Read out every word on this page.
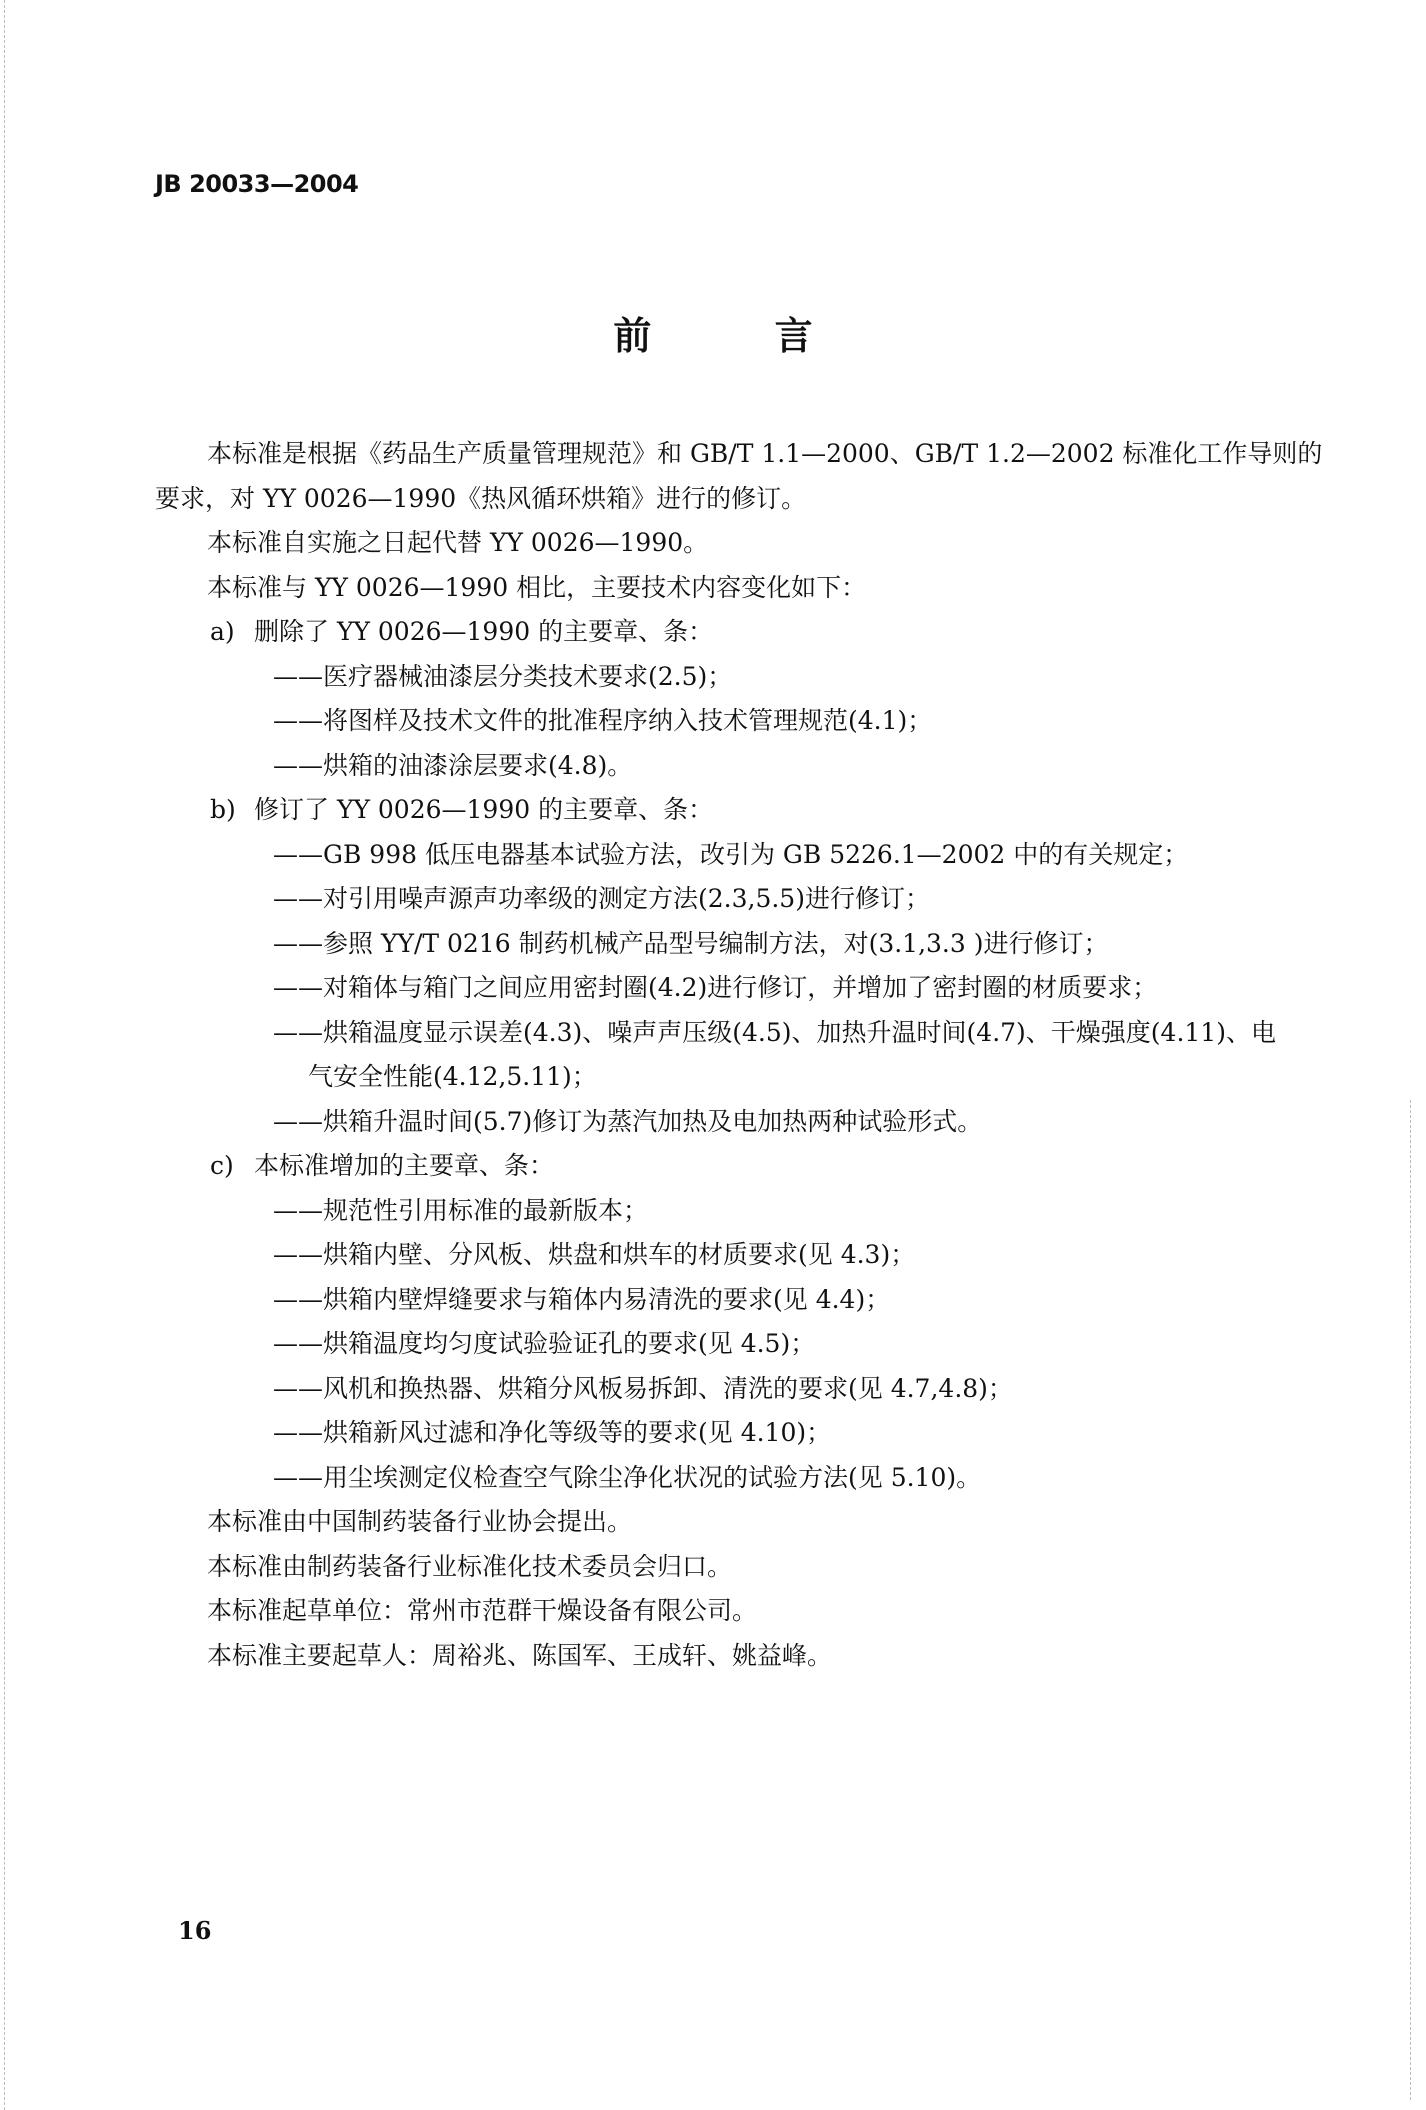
JB 20033—2004
前 言

本标准是根据《药品生产质量管理规范》和 GB/T 1.1—2000、GB/T 1.2—2002 标准化工作导则的

要求，对 YY 0026—1990《热风循环烘箱》进行的修订。

本标准自实施之日起代替 YY 0026—1990。

本标准与 YY 0026—1990 相比，主要技术内容变化如下：

a) 删除了 YY 0026—1990 的主要章、条：

——医疗器械油漆层分类技术要求(2.5)；

——将图样及技术文件的批准程序纳入技术管理规范(4.1)；

——烘箱的油漆涂层要求(4.8)。

b) 修订了 YY 0026—1990 的主要章、条：

——GB 998 低压电器基本试验方法，改引为 GB 5226.1—2002 中的有关规定；

——对引用噪声源声功率级的测定方法(2.3,5.5)进行修订；

——参照 YY/T 0216 制药机械产品型号编制方法，对(3.1,3.3 )进行修订；

——对箱体与箱门之间应用密封圈(4.2)进行修订，并增加了密封圈的材质要求；

——烘箱温度显示误差(4.3)、噪声声压级(4.5)、加热升温时间(4.7)、干燥强度(4.11)、电

气安全性能(4.12,5.11)；

——烘箱升温时间(5.7)修订为蒸汽加热及电加热两种试验形式。

c) 本标准增加的主要章、条：

——规范性引用标准的最新版本；

——烘箱内壁、分风板、烘盘和烘车的材质要求(见 4.3)；

——烘箱内壁焊缝要求与箱体内易清洗的要求(见 4.4)；

——烘箱温度均匀度试验验证孔的要求(见 4.5)；

——风机和换热器、烘箱分风板易拆卸、清洗的要求(见 4.7,4.8)；

——烘箱新风过滤和净化等级等的要求(见 4.10)；

——用尘埃测定仪检查空气除尘净化状况的试验方法(见 5.10)。

本标准由中国制药装备行业协会提出。

本标准由制药装备行业标准化技术委员会归口。

本标准起草单位：常州市范群干燥设备有限公司。

本标准主要起草人：周裕兆、陈国军、王成轩、姚益峰。

16
